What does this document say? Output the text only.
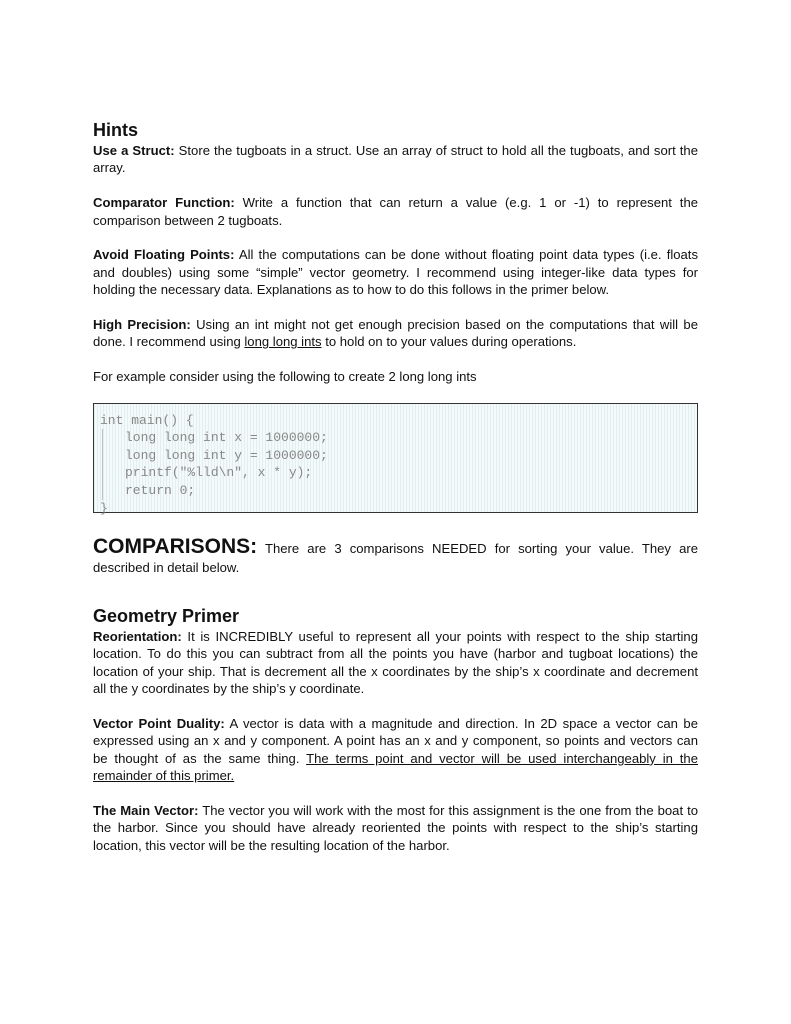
Hints

Use a Struct: Store the tugboats in a struct. Use an array of struct to hold all the tugboats, and sort the array.

Comparator Function: Write a function that can return a value (e.g. 1 or -1) to represent the comparison between 2 tugboats.

Avoid Floating Points: All the computations can be done without floating point data types (i.e. floats and doubles) using some “simple” vector geometry. I recommend using integer-like data types for holding the necessary data. Explanations as to how to do this follows in the primer below.

High Precision: Using an int might not get enough precision based on the computations that will be done. I recommend using long long ints to hold on to your values during operations.

For example consider using the following to create 2 long long ints

int main() {
long long int x = 1000000;
long long int y = 1000000;
printf("%lld\n", x * y);
return 0;
}

COMPARISONS: There are 3 comparisons NEEDED for sorting your value. They are described in detail below.

Geometry Primer

Reorientation: It is INCREDIBLY useful to represent all your points with respect to the ship starting location. To do this you can subtract from all the points you have (harbor and tugboat locations) the location of your ship. That is decrement all the x coordinates by the ship’s x coordinate and decrement all the y coordinates by the ship’s y coordinate.

Vector Point Duality: A vector is data with a magnitude and direction. In 2D space a vector can be expressed using an x and y component. A point has an x and y component, so points and vectors can be thought of as the same thing. The terms point and vector will be used interchangeably in the remainder of this primer.

The Main Vector: The vector you will work with the most for this assignment is the one from the boat to the harbor. Since you should have already reoriented the points with respect to the ship’s starting location, this vector will be the resulting location of the harbor.
